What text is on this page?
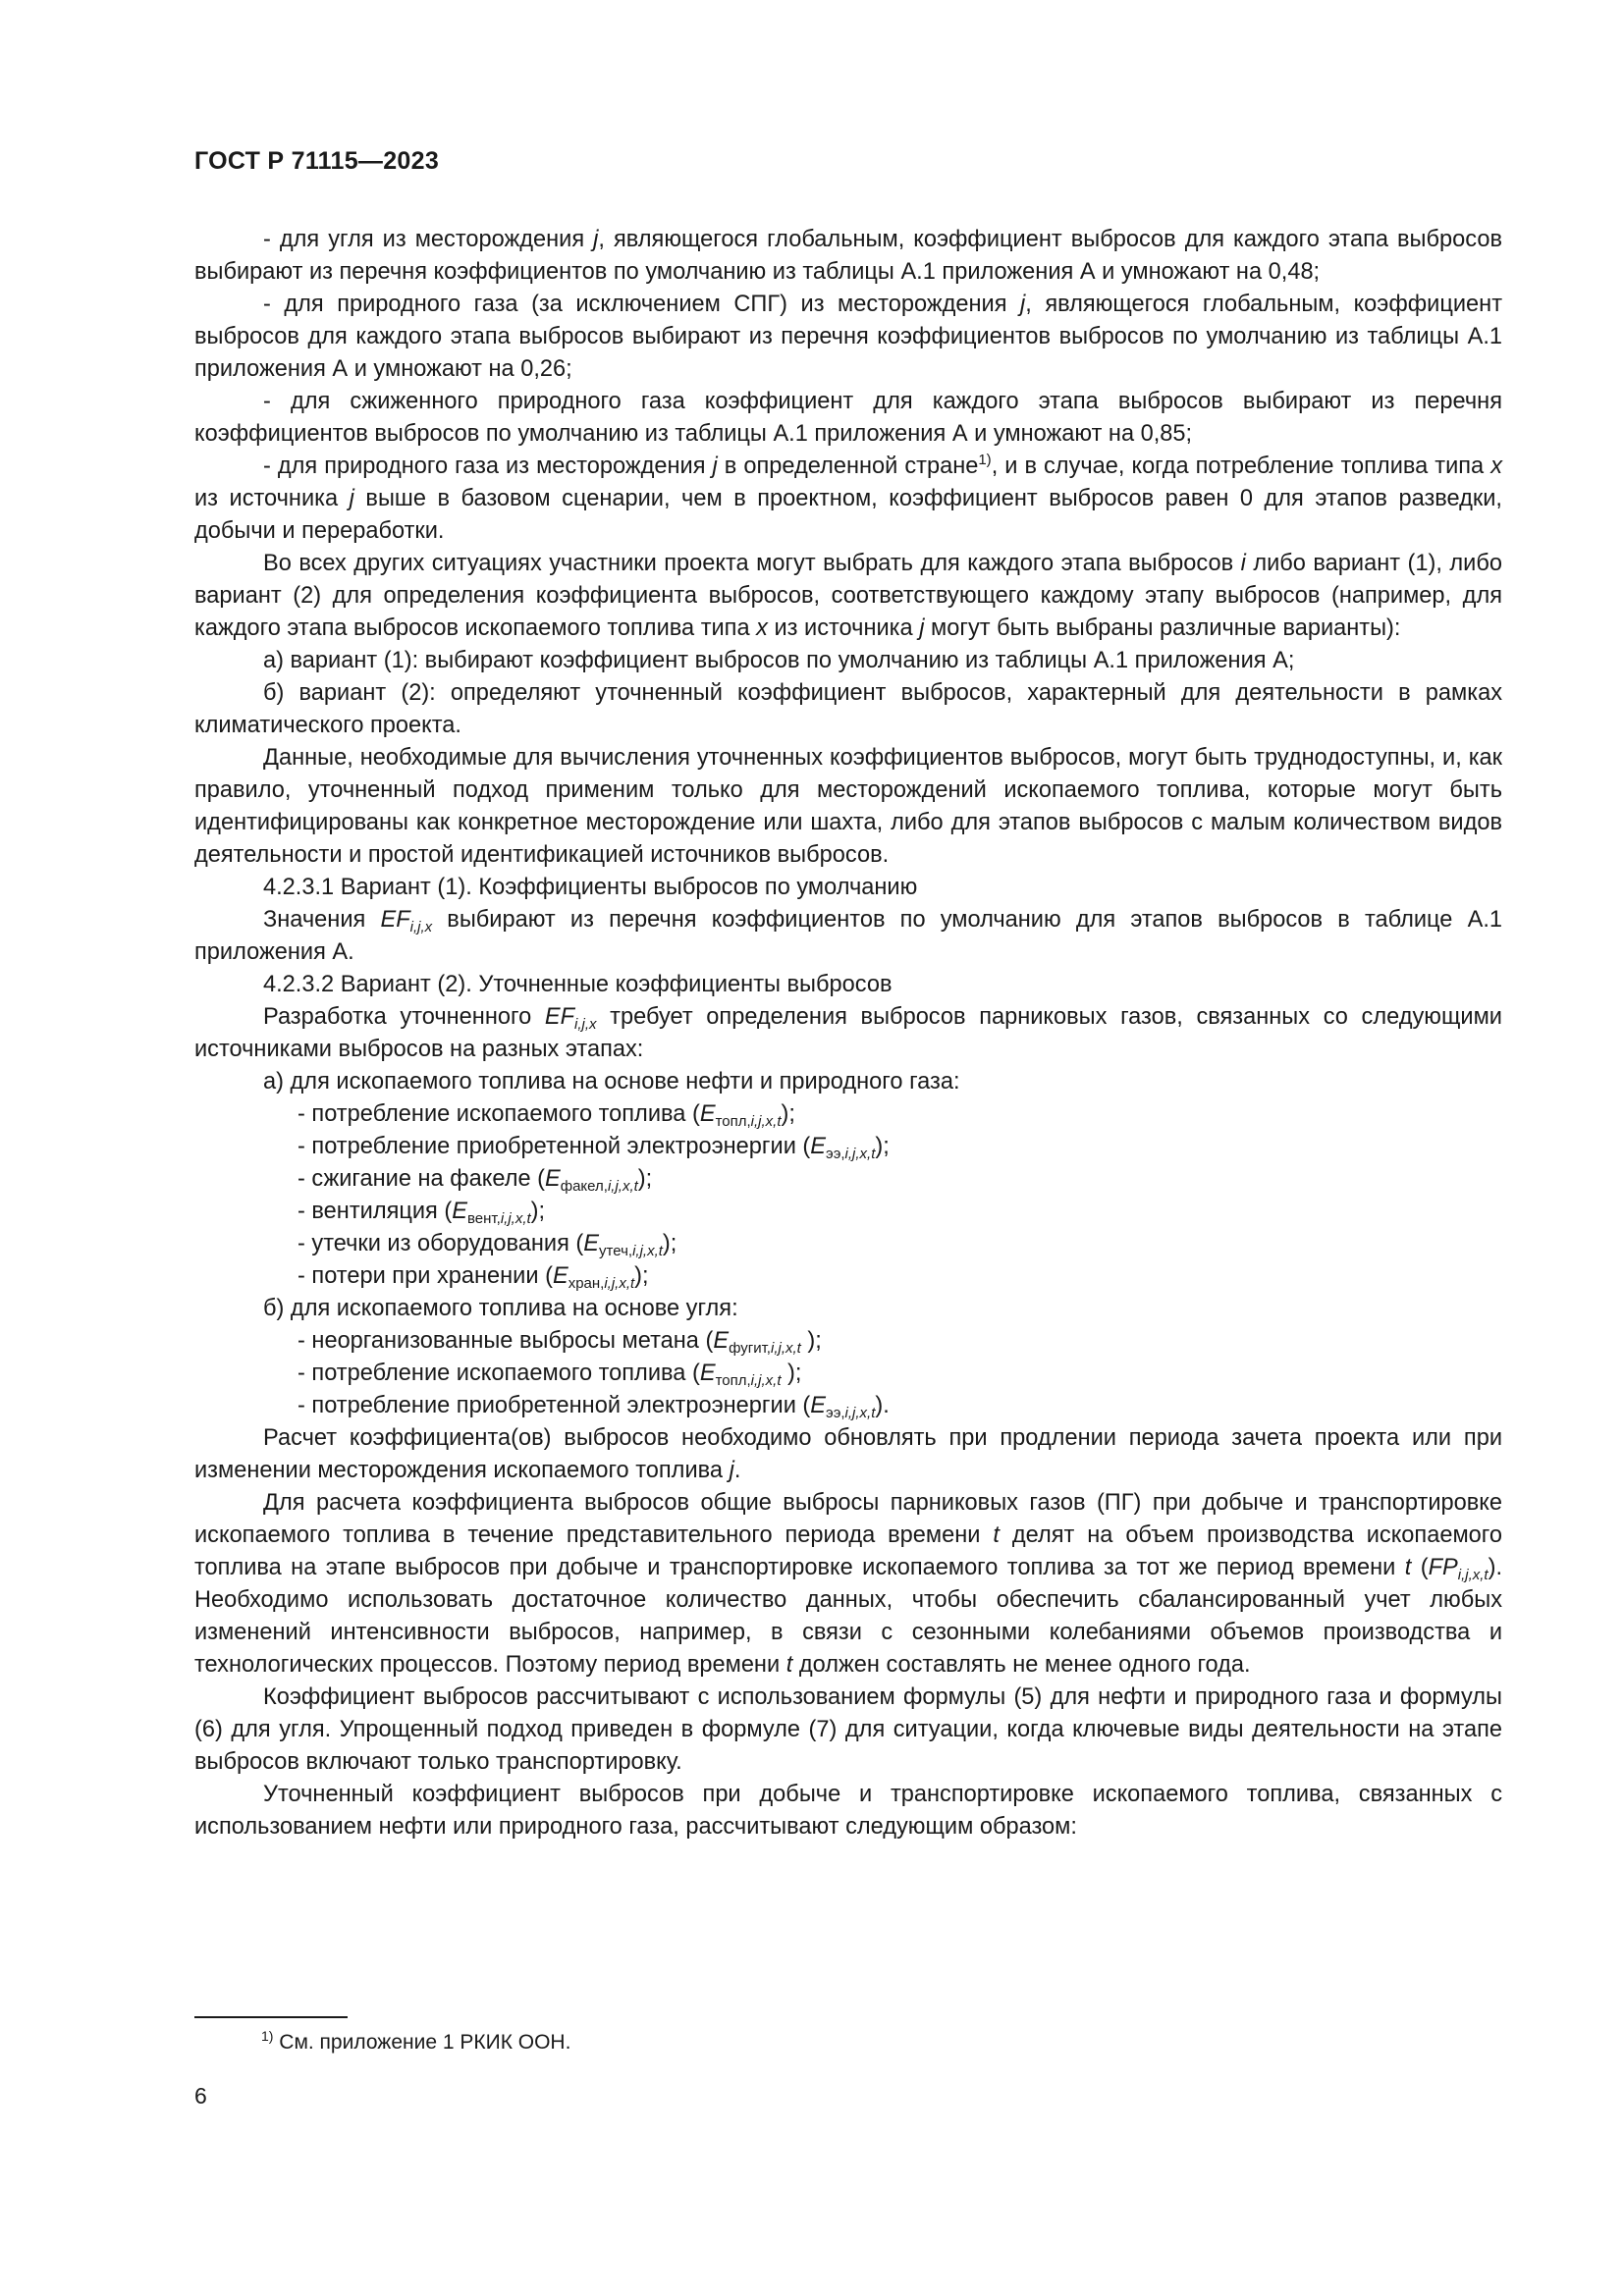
ГОСТ Р 71115—2023

- для угля из месторождения j, являющегося глобальным, коэффициент выбросов для каждого этапа выбросов выбирают из перечня коэффициентов по умолчанию из таблицы А.1 приложения А и умножают на 0,48;

- для природного газа (за исключением СПГ) из месторождения j, являющегося глобальным, коэффициент выбросов для каждого этапа выбросов выбирают из перечня коэффициентов выбросов по умолчанию из таблицы А.1 приложения А и умножают на 0,26;

- для сжиженного природного газа коэффициент для каждого этапа выбросов выбирают из перечня коэффициентов выбросов по умолчанию из таблицы А.1 приложения А и умножают на 0,85;

- для природного газа из месторождения j в определенной стране$^{1)}$, и в случае, когда потребление топлива типа x из источника j выше в базовом сценарии, чем в проектном, коэффициент выбросов равен 0 для этапов разведки, добычи и переработки.

Во всех других ситуациях участники проекта могут выбрать для каждого этапа выбросов i либо вариант (1), либо вариант (2) для определения коэффициента выбросов, соответствующего каждому этапу выбросов (например, для каждого этапа выбросов ископаемого топлива типа x из источника j могут быть выбраны различные варианты):

а) вариант (1): выбирают коэффициент выбросов по умолчанию из таблицы А.1 приложения А;

б) вариант (2): определяют уточненный коэффициент выбросов, характерный для деятельности в рамках климатического проекта.

Данные, необходимые для вычисления уточненных коэффициентов выбросов, могут быть труднодоступны, и, как правило, уточненный подход применим только для месторождений ископаемого топлива, которые могут быть идентифицированы как конкретное месторождение или шахта, либо для этапов выбросов с малым количеством видов деятельности и простой идентификацией источников выбросов.

4.2.3.1 Вариант (1). Коэффициенты выбросов по умолчанию

Значения $EF_{i,j,x}$ выбирают из перечня коэффициентов по умолчанию для этапов выбросов в таблице А.1 приложения А.

4.2.3.2 Вариант (2). Уточненные коэффициенты выбросов

Разработка уточненного $EF_{i,j,x}$ требует определения выбросов парниковых газов, связанных со следующими источниками выбросов на разных этапах:

а) для ископаемого топлива на основе нефти и природного газа:

- потребление ископаемого топлива $(E_{топл,i,j,x,t})$;

- потребление приобретенной электроэнергии $(E_{ээ,i,j,x,t})$;

- сжигание на факеле $(E_{факел,i,j,x,t})$;

- вентиляция $(E_{вент,i,j,x,t})$;

- утечки из оборудования $(E_{утеч,i,j,x,t})$;

- потери при хранении $(E_{хран,i,j,x,t})$;

б) для ископаемого топлива на основе угля:

- неорганизованные выбросы метана ($E_{фугит,i,j,x,t}$ );

- потребление ископаемого топлива ($E_{топл,i,j,x,t}$ );

- потребление приобретенной электроэнергии $(E_{ээ,i,j,x,t})$.

Расчет коэффициента(ов) выбросов необходимо обновлять при продлении периода зачета проекта или при изменении месторождения ископаемого топлива j.

Для расчета коэффициента выбросов общие выбросы парниковых газов (ПГ) при добыче и транспортировке ископаемого топлива в течение представительного периода времени t делят на объем производства ископаемого топлива на этапе выбросов при добыче и транспортировке ископаемого топлива за тот же период времени t $(FP_{i,j,x,t})$. Необходимо использовать достаточное количество данных, чтобы обеспечить сбалансированный учет любых изменений интенсивности выбросов, например, в связи с сезонными колебаниями объемов производства и технологических процессов. Поэтому период времени t должен составлять не менее одного года.

Коэффициент выбросов рассчитывают с использованием формулы (5) для нефти и природного газа и формулы (6) для угля. Упрощенный подход приведен в формуле (7) для ситуации, когда ключевые виды деятельности на этапе выбросов включают только транспортировку.

Уточненный коэффициент выбросов при добыче и транспортировке ископаемого топлива, связанных с использованием нефти или природного газа, рассчитывают следующим образом:

$^{1)}$ См. приложение 1 РКИК ООН.
6
